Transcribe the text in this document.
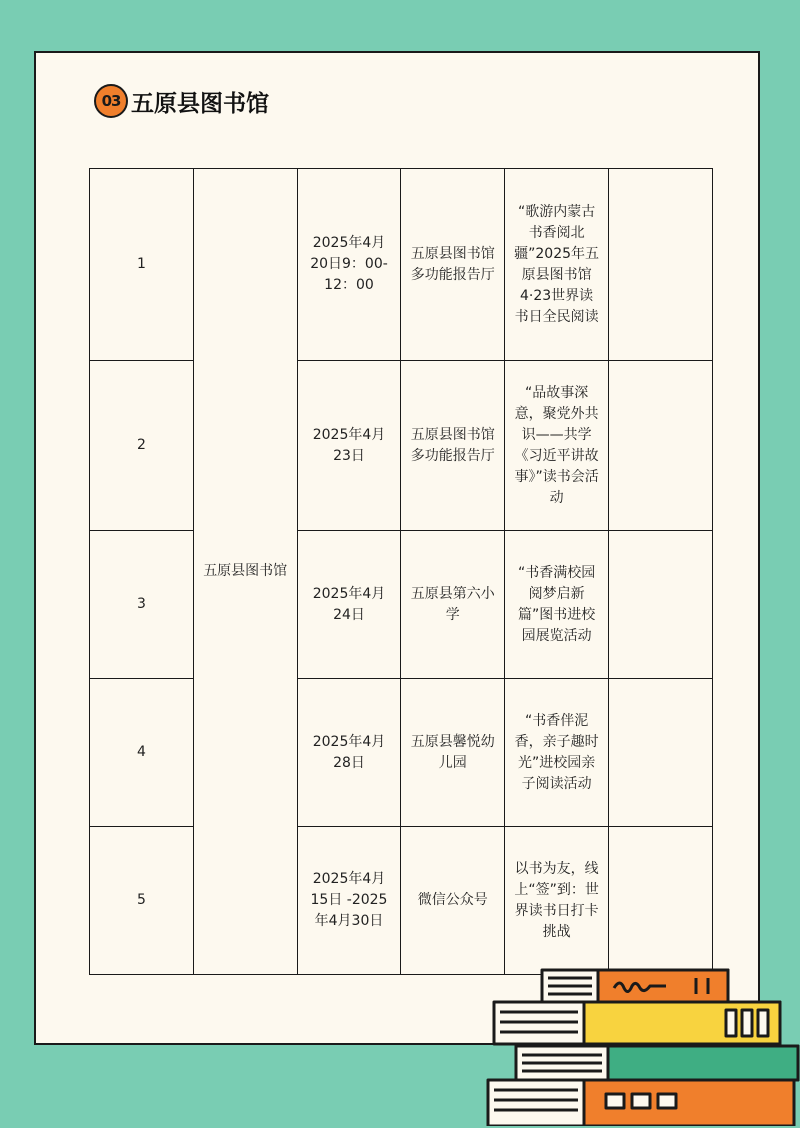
03 五原县图书馆
1	五原县图书馆	2025年4月20日9：00-12：00	五原县图书馆多功能报告厅	“歌游内蒙古书香阅北疆”2025年五原县图书馆4·23世界读书日全民阅读	
2		2025年4月23日	五原县图书馆多功能报告厅	“品故事深意，聚党外共识——共学《习近平讲故事》”读书会活动	
3		2025年4月24日	五原县第六小学	“书香满校园阅梦启新篇”图书进校园展览活动	
4		2025年4月28日	五原县馨悦幼儿园	“书香伴泥香，亲子趣时光”进校园亲子阅读活动	
5		2025年4月15日 -2025年4月30日	微信公众号	以书为友，线上“签”到：世界读书日打卡挑战	
